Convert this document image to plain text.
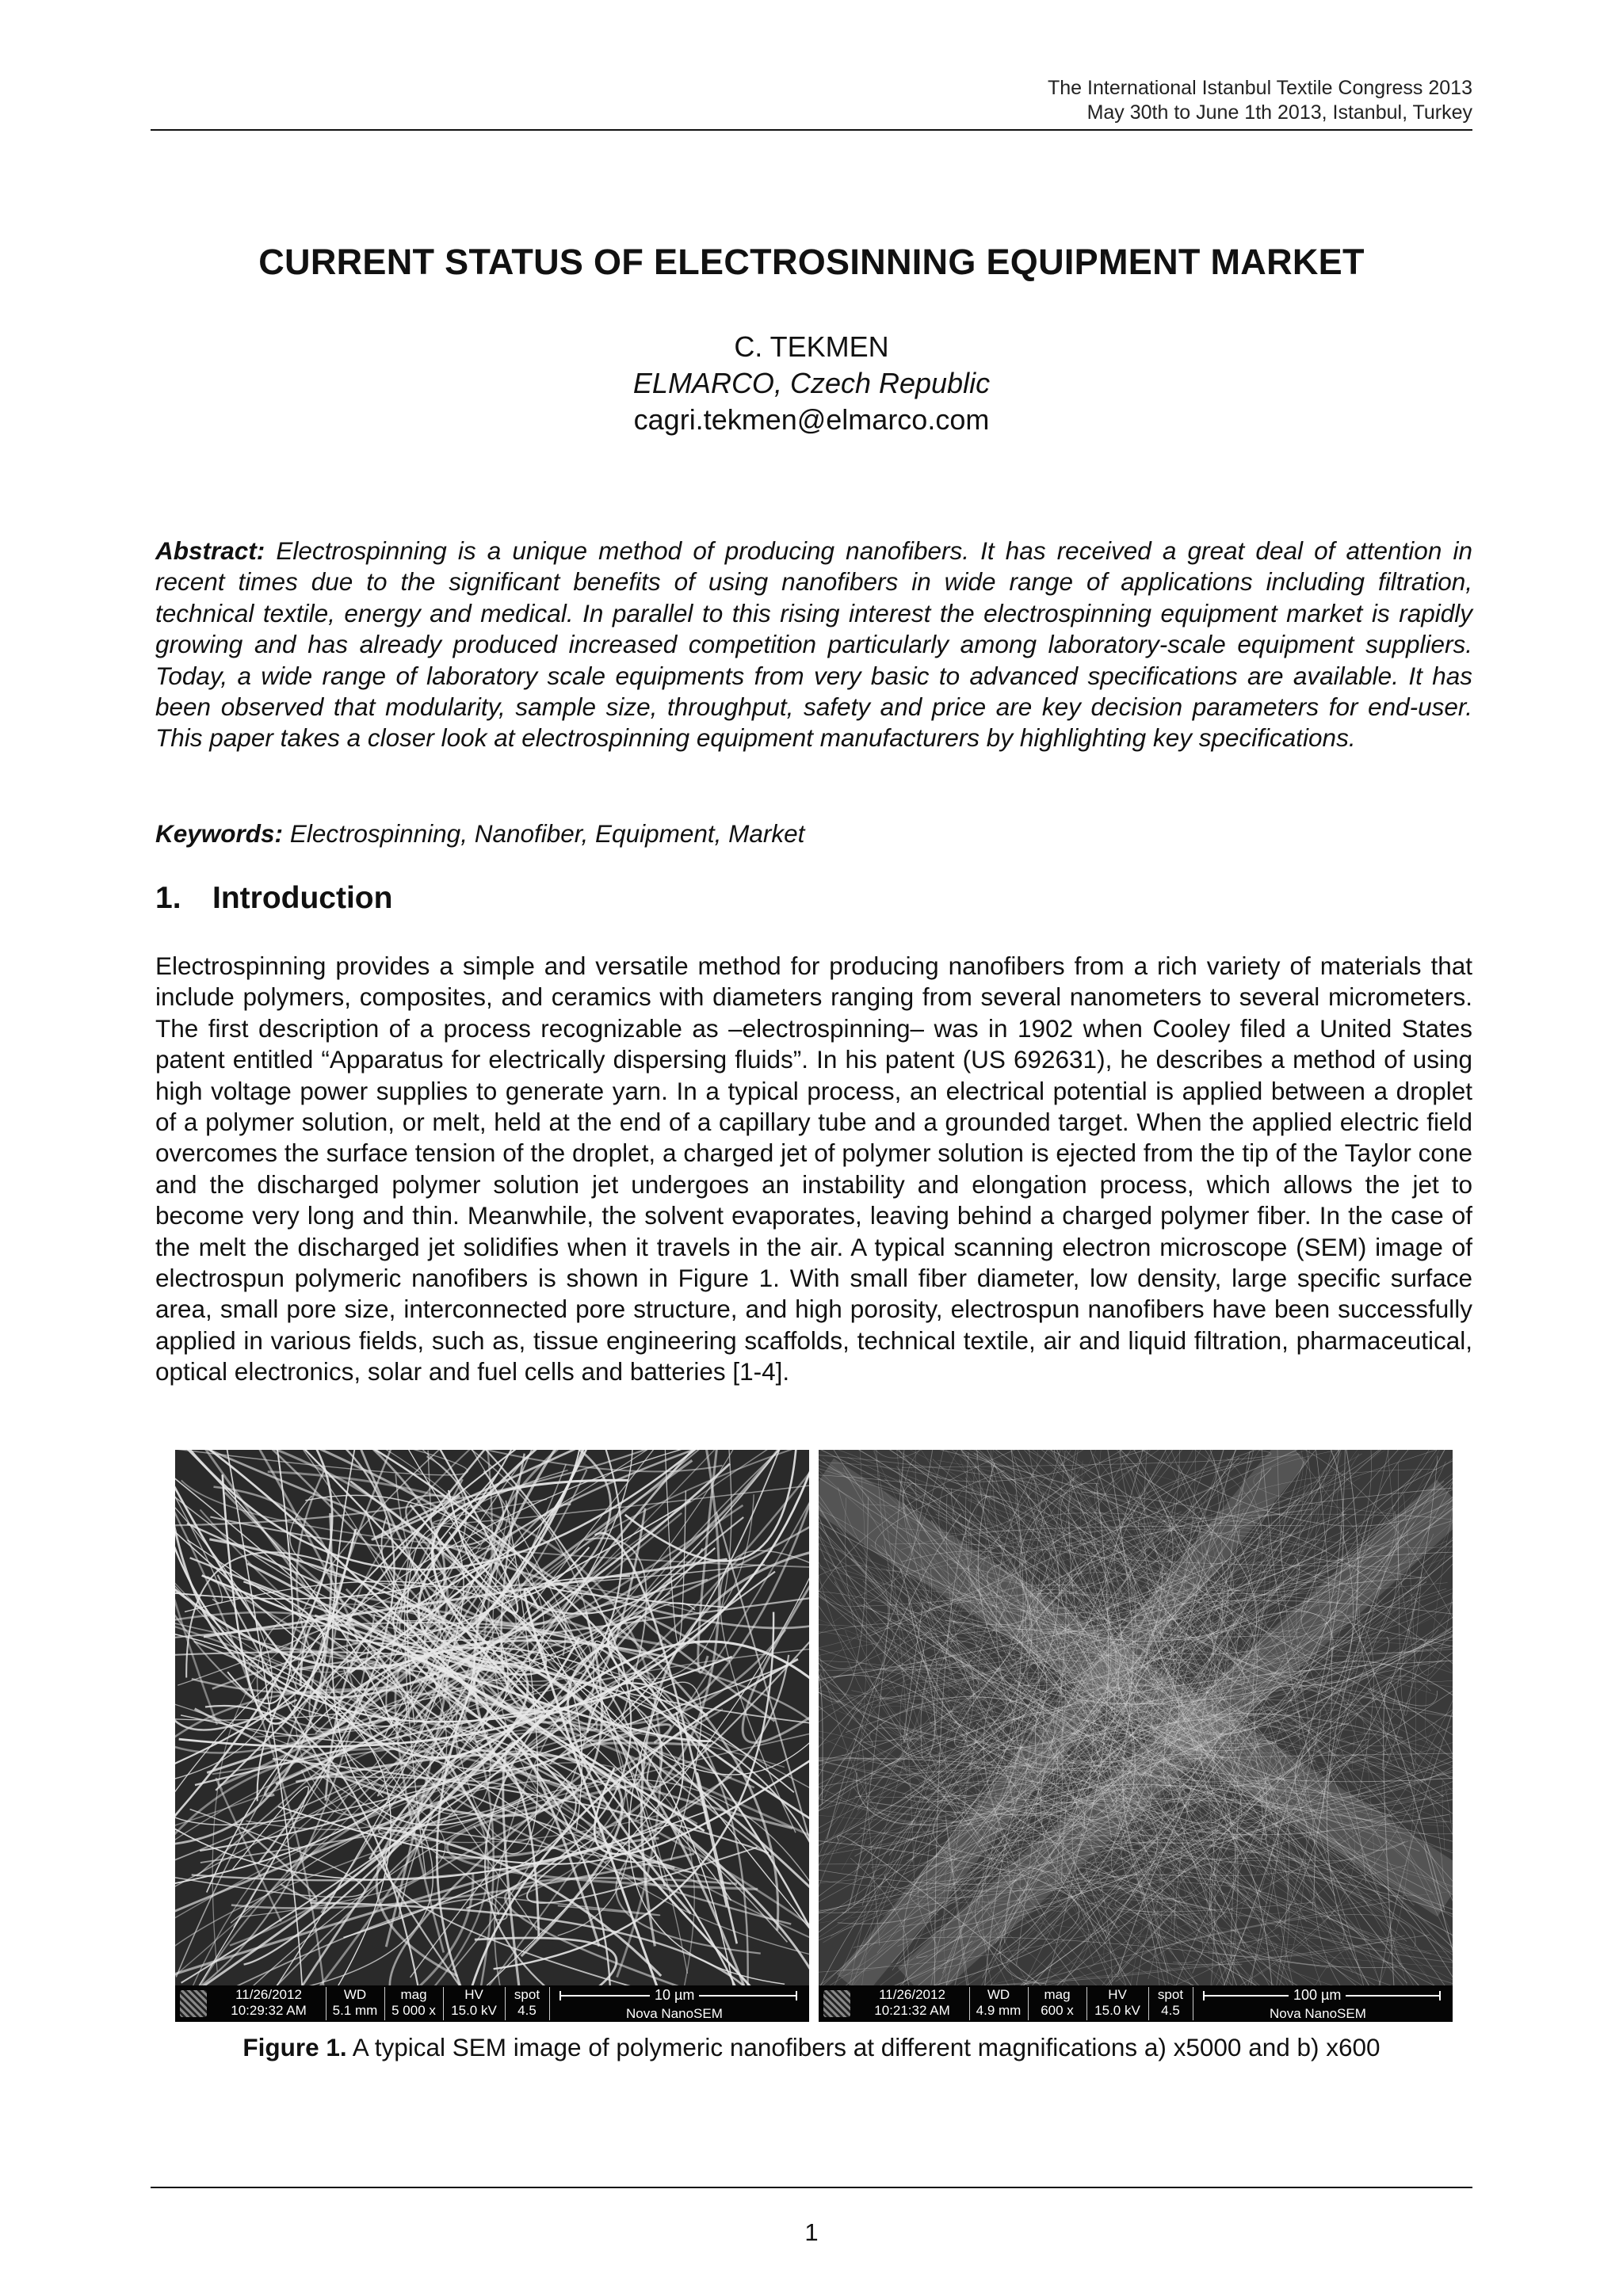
The International Istanbul Textile Congress 2013
May 30th to June 1th 2013, Istanbul, Turkey
CURRENT STATUS OF ELECTROSINNING EQUIPMENT MARKET
C. TEKMEN
ELMARCO, Czech Republic
cagri.tekmen@elmarco.com
Abstract: Electrospinning is a unique method of producing nanofibers. It has received a great deal of attention in recent times due to the significant benefits of using nanofibers in wide range of applications including filtration, technical textile, energy and medical. In parallel to this rising interest the electrospinning equipment market is rapidly growing and has already produced increased competition particularly among laboratory-scale equipment suppliers. Today, a wide range of laboratory scale equipments from very basic to advanced specifications are available. It has been observed that modularity, sample size, throughput, safety and price are key decision parameters for end-user. This paper takes a closer look at electrospinning equipment manufacturers by highlighting key specifications.
Keywords: Electrospinning, Nanofiber, Equipment, Market
1. Introduction
Electrospinning provides a simple and versatile method for producing nanofibers from a rich variety of materials that include polymers, composites, and ceramics with diameters ranging from several nanometers to several micrometers. The first description of a process recognizable as –electrospinning– was in 1902 when Cooley filed a United States patent entitled “Apparatus for electrically dispersing fluids”. In his patent (US 692631), he describes a method of using high voltage power supplies to generate yarn. In a typical process, an electrical potential is applied between a droplet of a polymer solution, or melt, held at the end of a capillary tube and a grounded target. When the applied electric field overcomes the surface tension of the droplet, a charged jet of polymer solution is ejected from the tip of the Taylor cone and the discharged polymer solution jet undergoes an instability and elongation process, which allows the jet to become very long and thin. Meanwhile, the solvent evaporates, leaving behind a charged polymer fiber. In the case of the melt the discharged jet solidifies when it travels in the air. A typical scanning electron microscope (SEM) image of electrospun polymeric nanofibers is shown in Figure 1. With small fiber diameter, low density, large specific surface area, small pore size, interconnected pore structure, and high porosity, electrospun nanofibers have been successfully applied in various fields, such as, tissue engineering scaffolds, technical textile, air and liquid filtration, pharmaceutical, optical electronics, solar and fuel cells and batteries [1-4].
11/26/2012
10:29:32 AM
WD
5.1 mm
mag
5 000 x
HV
15.0 kV
spot
4.5
10 µm
Nova NanoSEM
11/26/2012
10:21:32 AM
WD
4.9 mm
mag
600 x
HV
15.0 kV
spot
4.5
100 µm
Nova NanoSEM
Figure 1. A typical SEM image of polymeric nanofibers at different magnifications a) x5000 and b) x600
1
